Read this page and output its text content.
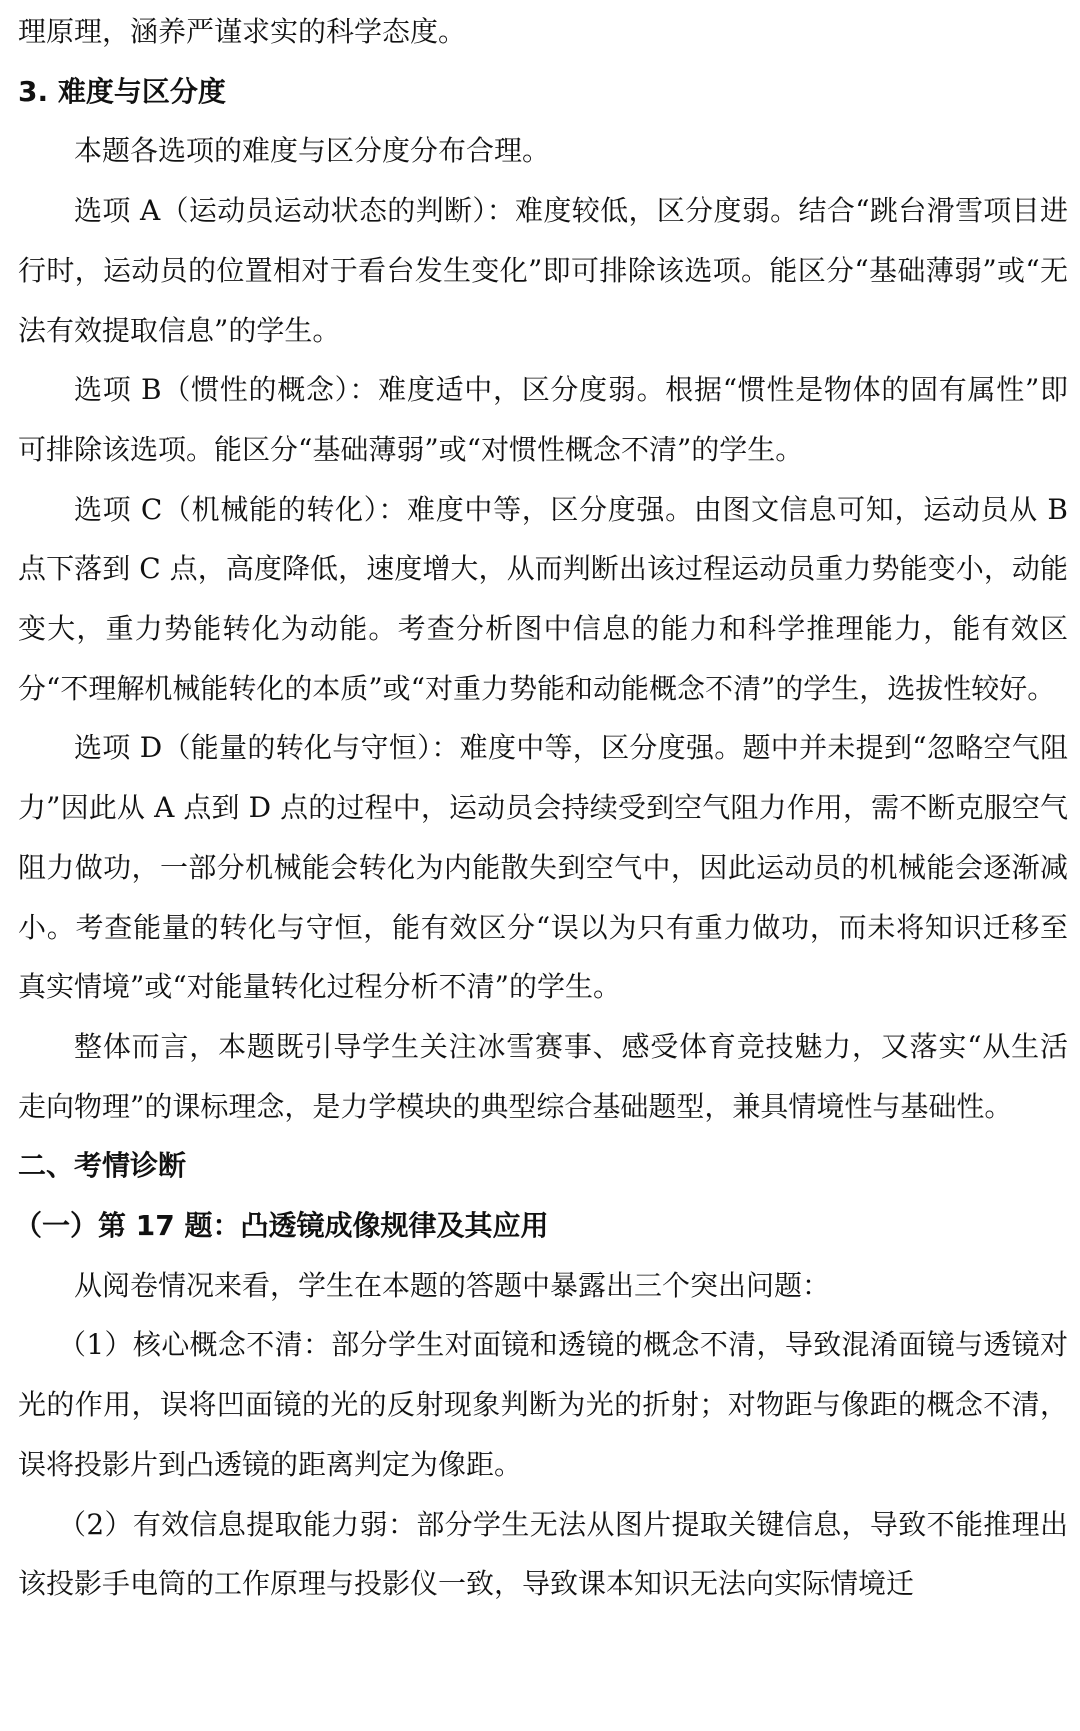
理原理，涵养严谨求实的科学态度。

3. 难度与区分度

本题各选项的难度与区分度分布合理。

选项 A（运动员运动状态的判断）：难度较低，区分度弱。结合“跳台滑雪项目进行时，运动员的位置相对于看台发生变化”即可排除该选项。能区分“基础薄弱”或“无法有效提取信息”的学生。

选项 B（惯性的概念）：难度适中，区分度弱。根据“惯性是物体的固有属性”即可排除该选项。能区分“基础薄弱”或“对惯性概念不清”的学生。

选项 C（机械能的转化）：难度中等，区分度强。由图文信息可知，运动员从 B 点下落到 C 点，高度降低，速度增大，从而判断出该过程运动员重力势能变小，动能变大，重力势能转化为动能。考查分析图中信息的能力和科学推理能力，能有效区分“不理解机械能转化的本质”或“对重力势能和动能概念不清”的学生，选拔性较好。

选项 D（能量的转化与守恒）：难度中等，区分度强。题中并未提到“忽略空气阻力”因此从 A 点到 D 点的过程中，运动员会持续受到空气阻力作用，需不断克服空气阻力做功，一部分机械能会转化为内能散失到空气中，因此运动员的机械能会逐渐减小。考查能量的转化与守恒，能有效区分“误以为只有重力做功，而未将知识迁移至真实情境”或“对能量转化过程分析不清”的学生。

整体而言，本题既引导学生关注冰雪赛事、感受体育竞技魅力，又落实“从生活走向物理”的课标理念，是力学模块的典型综合基础题型，兼具情境性与基础性。

二、考情诊断

（一）第 17 题：凸透镜成像规律及其应用

从阅卷情况来看，学生在本题的答题中暴露出三个突出问题：

（1）核心概念不清：部分学生对面镜和透镜的概念不清，导致混淆面镜与透镜对光的作用，误将凹面镜的光的反射现象判断为光的折射；对物距与像距的概念不清，误将投影片到凸透镜的距离判定为像距。

（2）有效信息提取能力弱：部分学生无法从图片提取关键信息，导致不能推理出该投影手电筒的工作原理与投影仪一致，导致课本知识无法向实际情境迁
